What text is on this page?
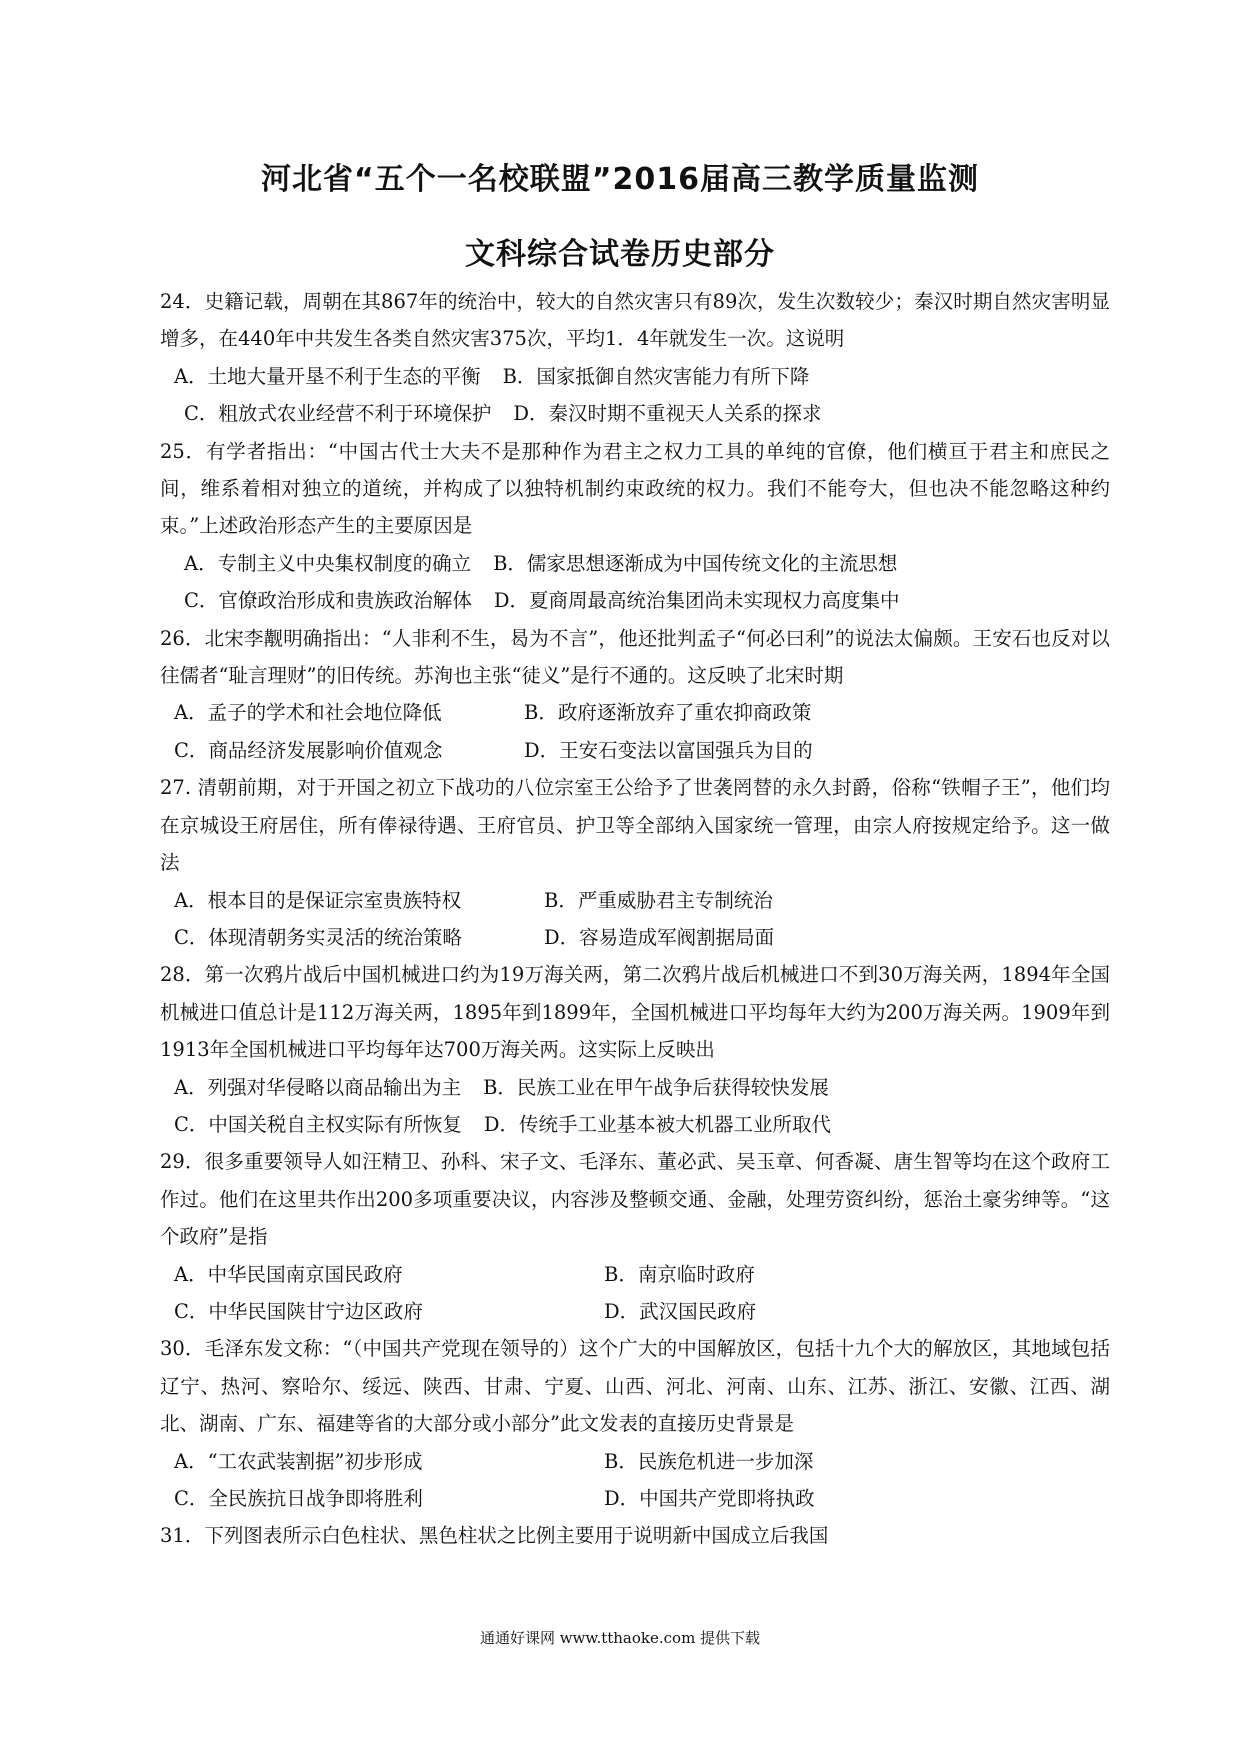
河北省“五个一名校联盟”2016届高三教学质量监测
文科综合试卷历史部分

24．史籍记载，周朝在其867年的统治中，较大的自然灾害只有89次，发生次数较少；秦汉时期自然灾害明显增多，在440年中共发生各类自然灾害375次，平均1．4年就发生一次。这说明

A．土地大量开垦不利于生态的平衡 B．国家抵御自然灾害能力有所下降
C．粗放式农业经营不利于环境保护 D．秦汉时期不重视天人关系的探求

25．有学者指出：“中国古代士大夫不是那种作为君主之权力工具的单纯的官僚，他们横亘于君主和庶民之间，维系着相对独立的道统，并构成了以独特机制约束政统的权力。我们不能夸大，但也决不能忽略这种约束。”上述政治形态产生的主要原因是

A．专制主义中央集权制度的确立 B．儒家思想逐渐成为中国传统文化的主流思想
C．官僚政治形成和贵族政治解体 D．夏商周最高统治集团尚未实现权力高度集中

26．北宋李觏明确指出：“人非利不生，曷为不言”，他还批判孟子“何必曰利”的说法太偏颇。王安石也反对以往儒者“耻言理财”的旧传统。苏洵也主张“徒义”是行不通的。这反映了北宋时期

A．孟子的学术和社会地位降低	B．政府逐渐放弃了重农抑商政策
C．商品经济发展影响价值观念	D．王安石变法以富国强兵为目的

27. 清朝前期，对于开国之初立下战功的八位宗室王公给予了世袭罔替的永久封爵，俗称“铁帽子王”，他们均在京城设王府居住，所有俸禄待遇、王府官员、护卫等全部纳入国家统一管理，由宗人府按规定给予。这一做法

A．根本目的是保证宗室贵族特权	B．严重威胁君主专制统治
C．体现清朝务实灵活的统治策略	D．容易造成军阀割据局面

28．第一次鸦片战后中国机械进口约为19万海关两，第二次鸦片战后机械进口不到30万海关两，1894年全国机械进口值总计是112万海关两，1895年到1899年，全国机械进口平均每年大约为200万海关两。1909年到1913年全国机械进口平均每年达700万海关两。这实际上反映出

A．列强对华侵略以商品输出为主 B．民族工业在甲午战争后获得较快发展
C．中国关税自主权实际有所恢复 D．传统手工业基本被大机器工业所取代

29．很多重要领导人如汪精卫、孙科、宋子文、毛泽东、董必武、吴玉章、何香凝、唐生智等均在这个政府工作过。他们在这里共作出200多项重要决议，内容涉及整顿交通、金融，处理劳资纠纷，惩治土豪劣绅等。“这个政府”是指

A．中华民国南京国民政府	B．南京临时政府
C．中华民国陕甘宁边区政府	D．武汉国民政府

30．毛泽东发文称：“（中国共产党现在领导的）这个广大的中国解放区，包括十九个大的解放区，其地域包括辽宁、热河、察哈尔、绥远、陕西、甘肃、宁夏、山西、河北、河南、山东、江苏、浙江、安徽、江西、湖北、湖南、广东、福建等省的大部分或小部分”此文发表的直接历史背景是

A．“工农武装割据”初步形成	B．民族危机进一步加深
C．全民族抗日战争即将胜利	D．中国共产党即将执政

31．下列图表所示白色柱状、黑色柱状之比例主要用于说明新中国成立后我国

通通好课网 www.tthaoke.com 提供下载
